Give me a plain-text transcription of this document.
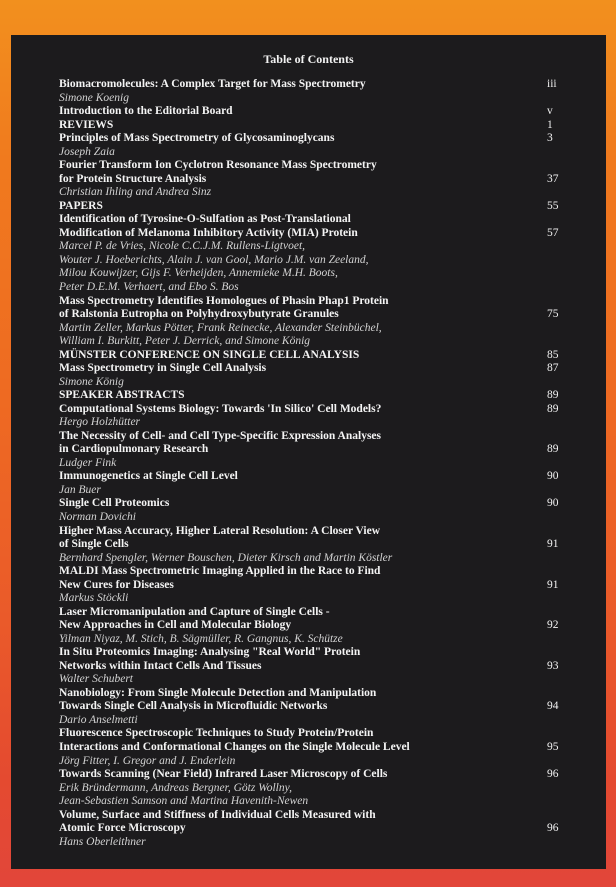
Table of Contents
Biomacromolecules: A Complex Target for Mass Spectrometry
Simone Koenig
Introduction to the Editorial Board
REVIEWS
Principles of Mass Spectrometry of Glycosaminoglycans
Joseph Zaia
Fourier Transform Ion Cyclotron Resonance Mass Spectrometry
for Protein Structure Analysis
Christian Ihling and Andrea Sinz
PAPERS
Identification of Tyrosine-O-Sulfation as Post-Translational
Modification of Melanoma Inhibitory Activity (MIA) Protein
Marcel P. de Vries, Nicole C.C.J.M. Rullens-Ligtvoet,
Wouter J. Hoeberichts, Alain J. van Gool, Mario J.M. van Zeeland,
Milou Kouwijzer, Gijs F. Verheijden, Annemieke M.H. Boots,
Peter D.E.M. Verhaert, and Ebo S. Bos
Mass Spectrometry Identifies Homologues of Phasin Phap1 Protein
of Ralstonia Eutropha on Polyhydroxybutyrate Granules
Martin Zeller, Markus Pötter, Frank Reinecke, Alexander Steinbüchel,
William I. Burkitt, Peter J. Derrick, and Simone König
MÜNSTER CONFERENCE ON SINGLE CELL ANALYSIS
Mass Spectrometry in Single Cell Analysis
Simone König
SPEAKER ABSTRACTS
Computational Systems Biology: Towards 'In Silico' Cell Models?
Hergo Holzhütter
The Necessity of Cell- and Cell Type-Specific Expression Analyses
in Cardiopulmonary Research
Ludger Fink
Immunogenetics at Single Cell Level
Jan Buer
Single Cell Proteomics
Norman Dovichi
Higher Mass Accuracy, Higher Lateral Resolution: A Closer View
of Single Cells
Bernhard Spengler, Werner Bouschen, Dieter Kirsch and Martin Köstler
MALDI Mass Spectrometric Imaging Applied in the Race to Find
New Cures for Diseases
Markus Stöckli
Laser Micromanipulation and Capture of Single Cells -
New Approaches in Cell and Molecular Biology
Yilman Niyaz, M. Stich, B. Sägmüller, R. Gangnus, K. Schütze
In Situ Proteomics Imaging: Analysing "Real World" Protein
Networks within Intact Cells And Tissues
Walter Schubert
Nanobiology: From Single Molecule Detection and Manipulation
Towards Single Cell Analysis in Microfluidic Networks
Dario Anselmetti
Fluorescence Spectroscopic Techniques to Study Protein/Protein
Interactions and Conformational Changes on the Single Molecule Level
Jörg Fitter, I. Gregor and J. Enderlein
Towards Scanning (Near Field) Infrared Laser Microscopy of Cells
Erik Bründermann, Andreas Bergner, Götz Wollny,
Jean-Sebastien Samson and Martina Havenith-Newen
Volume, Surface and Stiffness of Individual Cells Measured with
Atomic Force Microscopy
Hans Oberleithner
iii
v
1
3
37
55
57
75
85
87
89
89
89
90
90
91
91
92
93
94
95
96
96
